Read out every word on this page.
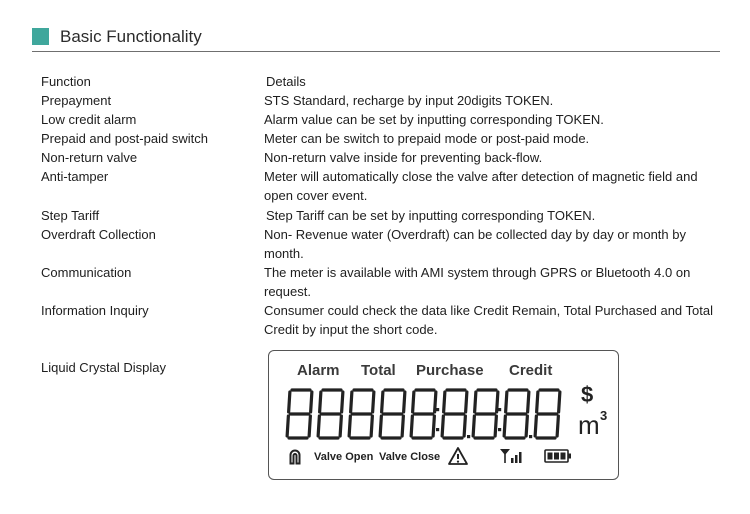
Basic Functionality
Function	Details
Prepayment	STS Standard, recharge by input 20digits TOKEN.
Low credit alarm	Alarm value can be set by inputting corresponding TOKEN.
Prepaid and post-paid switch	Meter can be switch to prepaid mode or post-paid mode.
Non-return valve	Non-return valve inside for preventing back-flow.
Anti-tamper	Meter will automatically close the valve after detection of magnetic field and open cover event.
Step Tariff	Step Tariff can be set by inputting corresponding TOKEN.
Overdraft Collection	Non- Revenue water (Overdraft) can be collected day by day or month by month.
Communication	The meter is available with AMI system through GPRS or Bluetooth 4.0 on request.
Information Inquiry	Consumer could check the data like Credit Remain, Total Purchased and Total Credit by input the short code.
Liquid Crystal Display	Alarm Total Purchase Credit
$
m 3
Valve Open Valve Close
